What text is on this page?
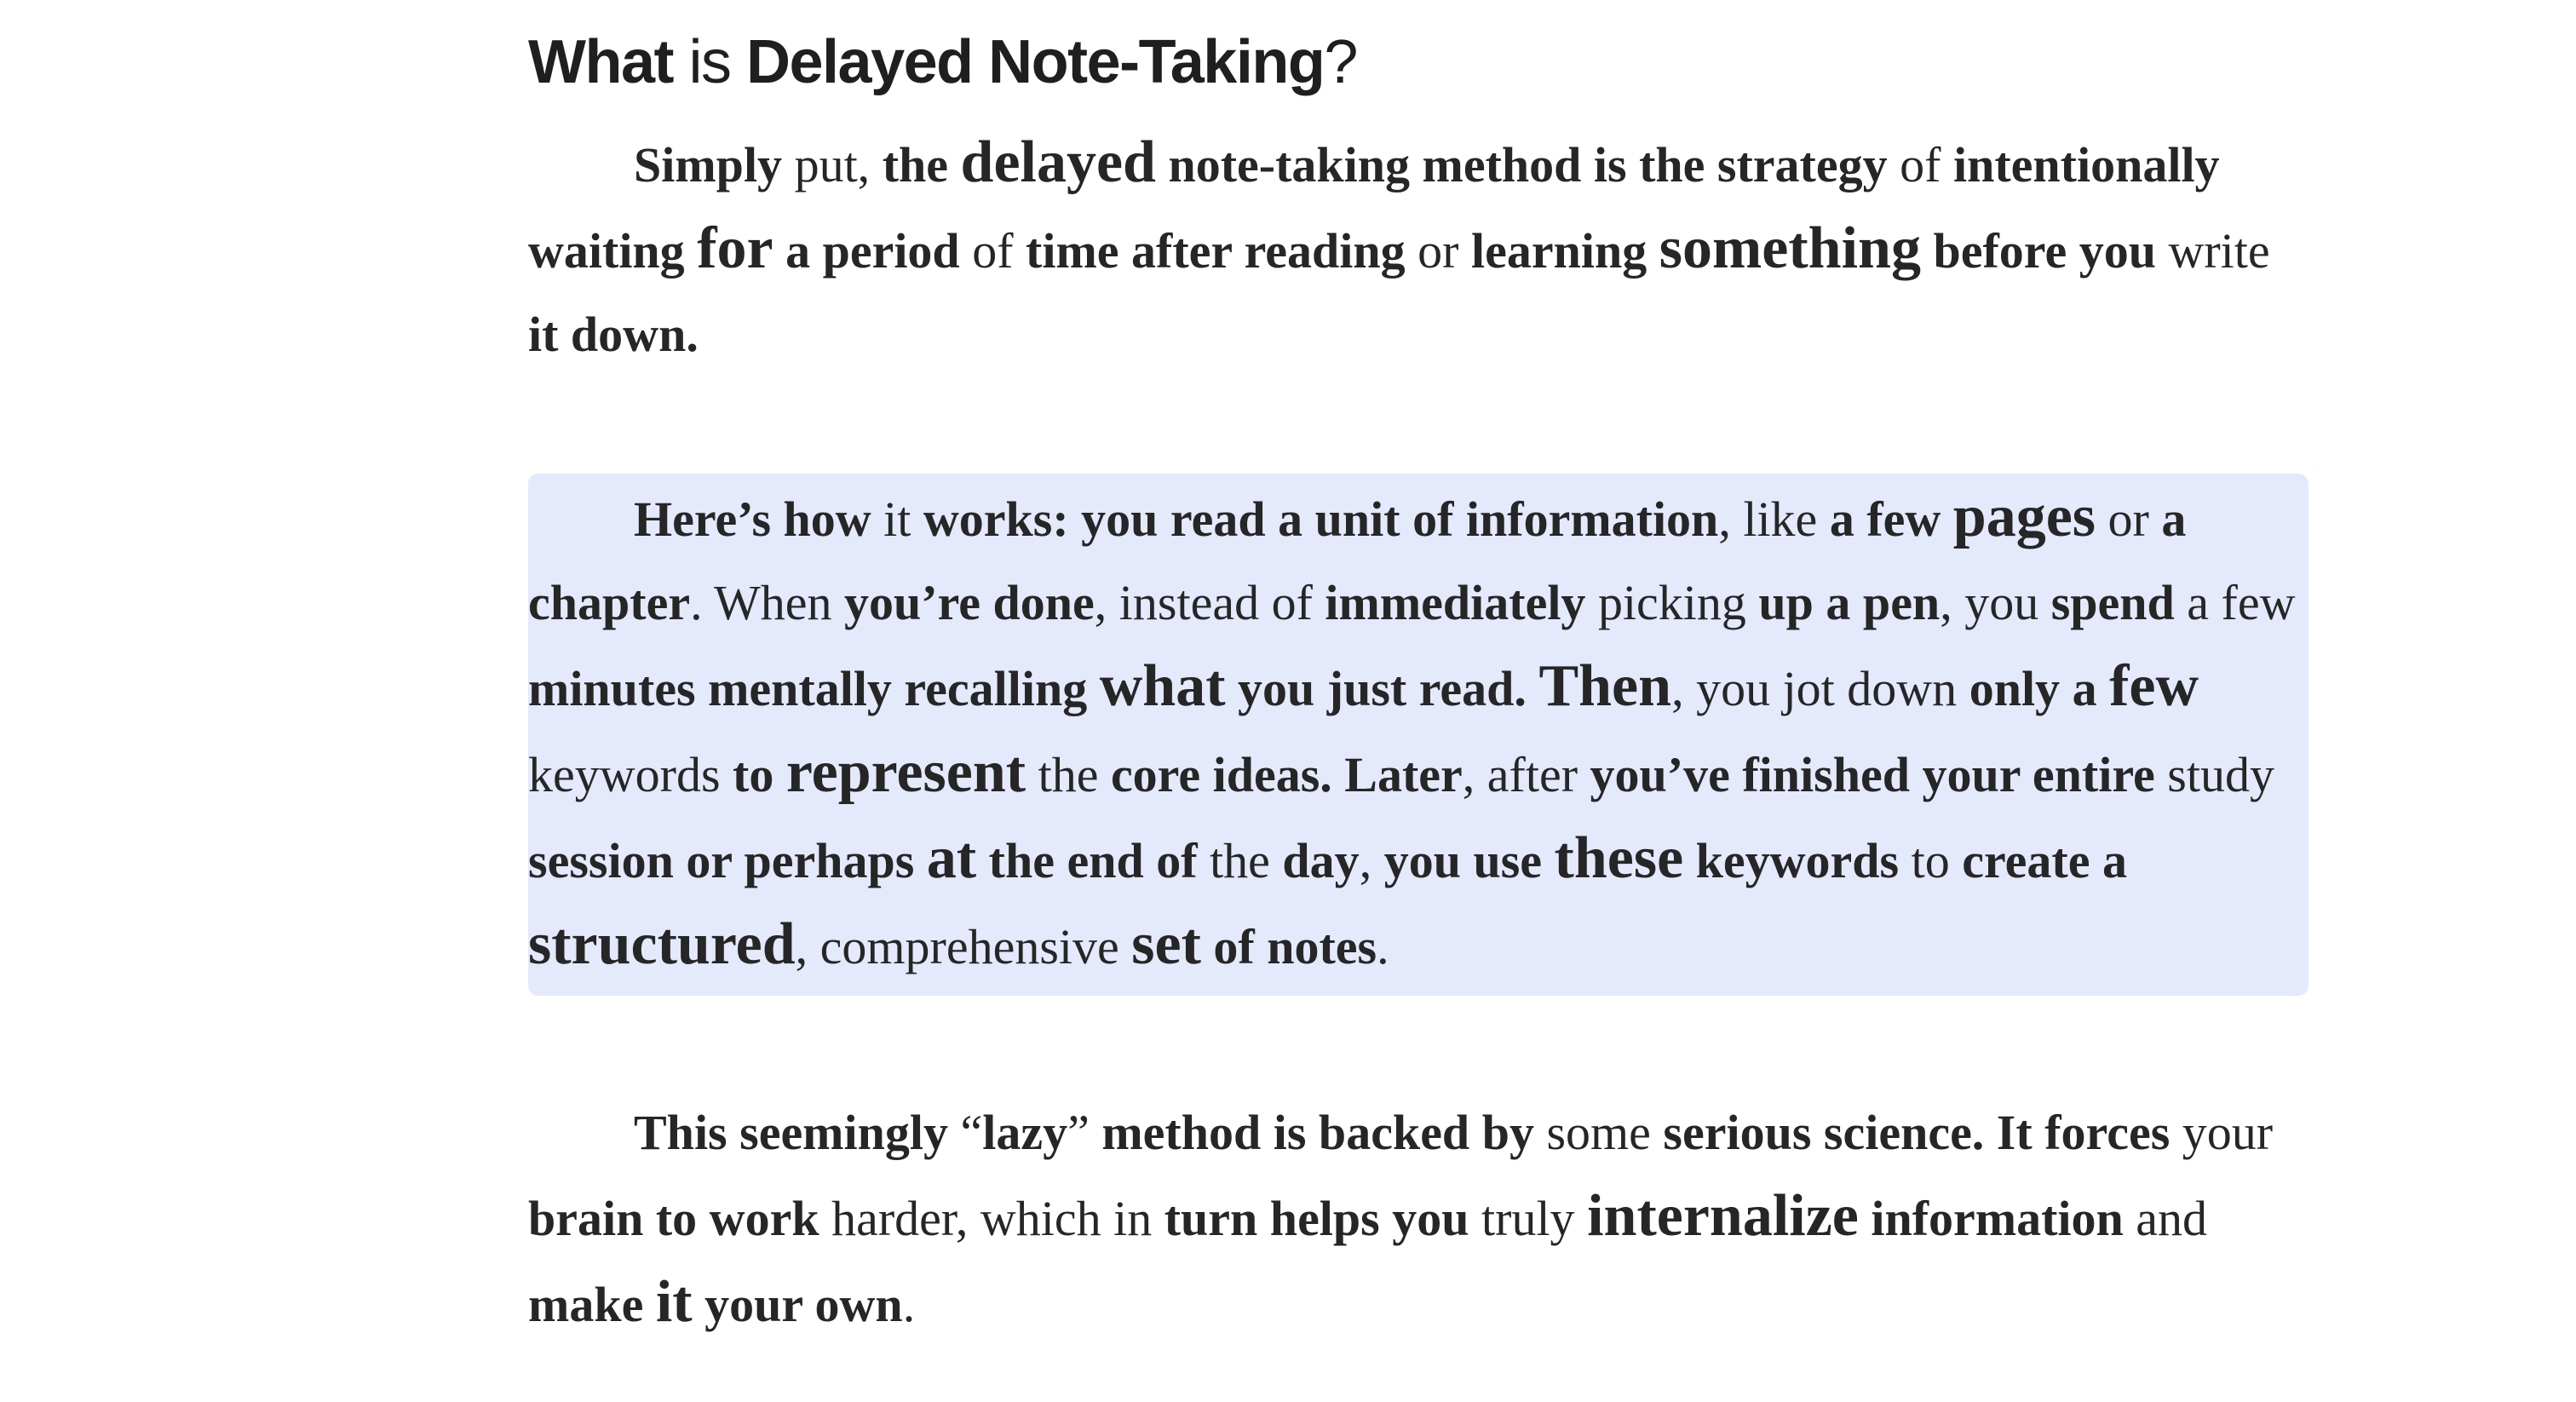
What is Delayed Note-Taking?

Simply put, the delayed note-taking method is the strategy of intentionally waiting for a period of time after reading or learning something before you write it down.

Here’s how it works: you read a unit of information, like a few pages or a chapter. When you’re done, instead of immediately picking up a pen, you spend a few minutes mentally recalling what you just read. Then, you jot down only a few keywords to represent the core ideas. Later, after you’ve finished your entire study session or perhaps at the end of the day, you use these keywords to create a structured, comprehensive set of notes.

This seemingly “lazy” method is backed by some serious science. It forces your brain to work harder, which in turn helps you truly internalize information and make it your own.
